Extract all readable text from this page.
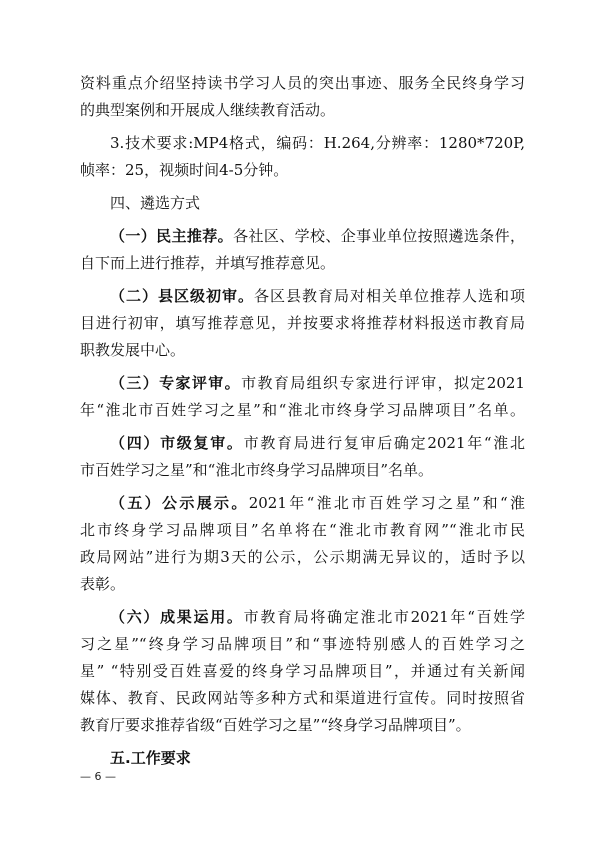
资料重点介绍坚持读书学习人员的突出事迹、服务全民终身学习
的典型案例和开展成人继续教育活动。
3.技术要求:MP4格式，编码：H.264,分辨率：1280*720P,
帧率：25，视频时间4-5分钟。
四、遴选方式
（一）民主推荐。各社区、学校、企事业单位按照遴选条件，
自下而上进行推荐，并填写推荐意见。
（二）县区级初审。各区县教育局对相关单位推荐人选和项
目进行初审，填写推荐意见，并按要求将推荐材料报送市教育局
职教发展中心。
（三）专家评审。市教育局组织专家进行评审，拟定2021
年“淮北市百姓学习之星”和“淮北市终身学习品牌项目”名单。
（四）市级复审。市教育局进行复审后确定2021年“淮北
市百姓学习之星”和“淮北市终身学习品牌项目”名单。
（五）公示展示。2021年“淮北市百姓学习之星”和“淮
北市终身学习品牌项目”名单将在“淮北市教育网”“淮北市民
政局网站”进行为期3天的公示，公示期满无异议的，适时予以
表彰。
（六）成果运用。市教育局将确定淮北市2021年“百姓学
习之星”“终身学习品牌项目”和“事迹特别感人的百姓学习之
星” “特别受百姓喜爱的终身学习品牌项目”，并通过有关新闻
媒体、教育、民政网站等多种方式和渠道进行宣传。同时按照省
教育厅要求推荐省级“百姓学习之星”“终身学习品牌项目”。
五.工作要求
— 6 —
